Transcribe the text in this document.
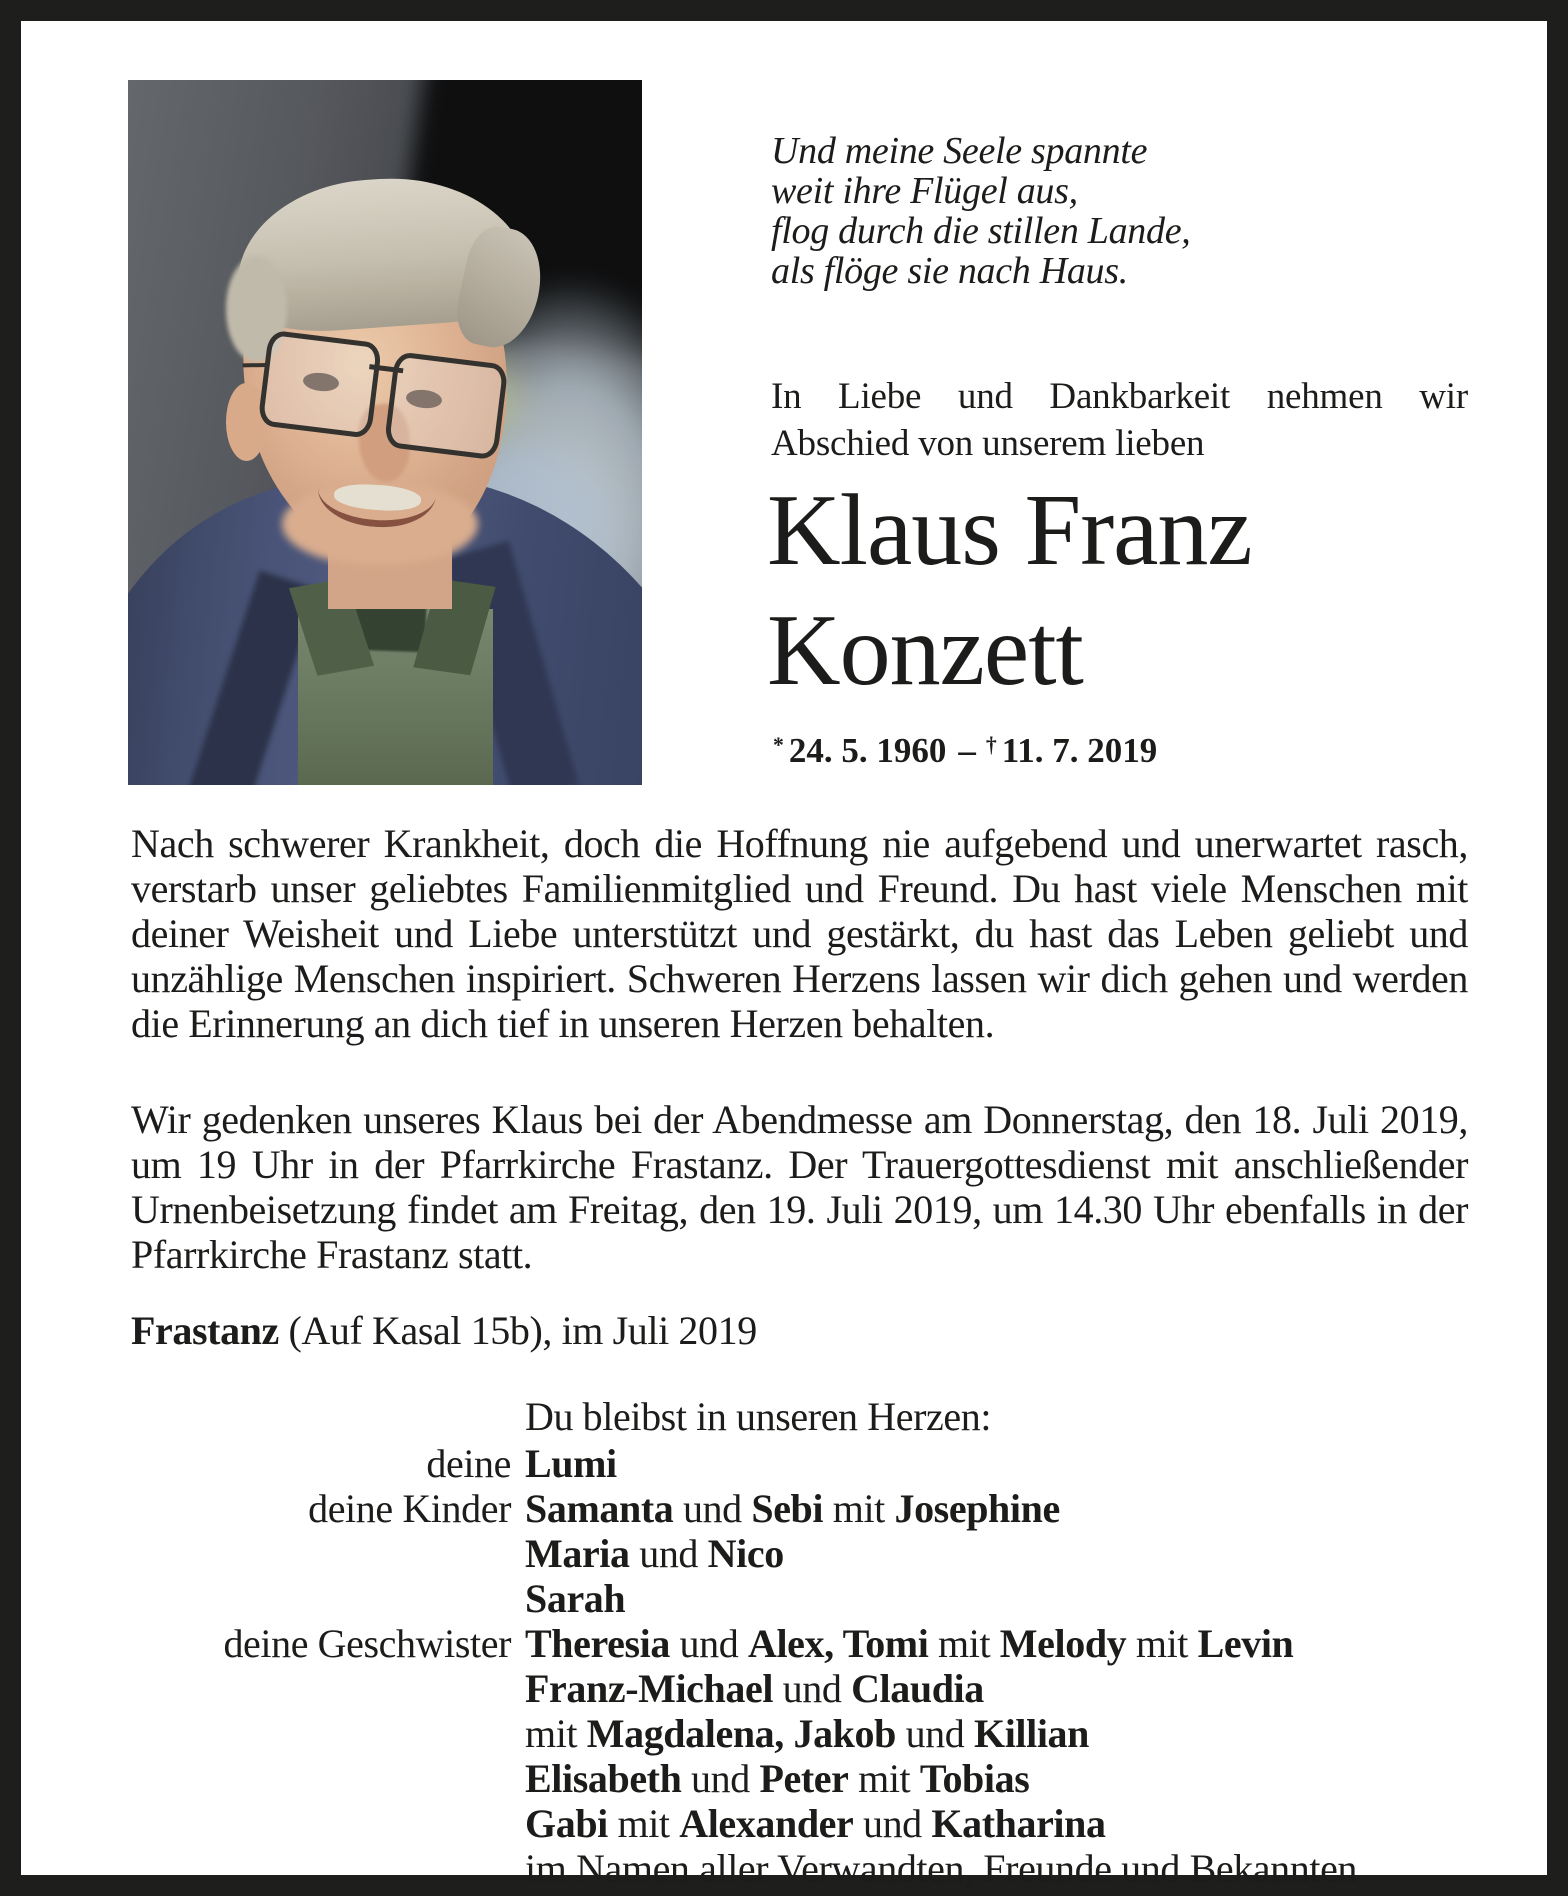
Und meine Seele spannte
weit ihre Flügel aus,
flog durch die stillen Lande,
als flöge sie nach Haus.

In Liebe und Dankbarkeit nehmen wir Abschied von unserem lieben

Klaus Franz
Konzett
* 24. 5. 1960 – † 11. 7. 2019

Nach schwerer Krankheit, doch die Hoffnung nie aufgebend und unerwartet rasch, verstarb unser geliebtes Familienmitglied und Freund. Du hast viele Menschen mit deiner Weisheit und Liebe unterstützt und gestärkt, du hast das Leben geliebt und unzählige Menschen inspiriert. Schweren Herzens lassen wir dich gehen und werden die Erinnerung an dich tief in unseren Herzen behalten.

Wir gedenken unseres Klaus bei der Abendmesse am Donnerstag, den 18. Juli 2019, um 19 Uhr in der Pfarrkirche Frastanz. Der Trauergottesdienst mit anschließender Urnenbeisetzung findet am Freitag, den 19. Juli 2019, um 14.30 Uhr ebenfalls in der Pfarrkirche Frastanz statt.

Frastanz (Auf Kasal 15b), im Juli 2019

Du bleibst in unseren Herzen:
deine Lumi
deine Kinder Samanta und Sebi mit Josephine
Maria und Nico
Sarah
deine Geschwister Theresia und Alex, Tomi mit Melody mit Levin
Franz-Michael und Claudia
mit Magdalena, Jakob und Killian
Elisabeth und Peter mit Tobias
Gabi mit Alexander und Katharina
im Namen aller Verwandten, Freunde und Bekannten
